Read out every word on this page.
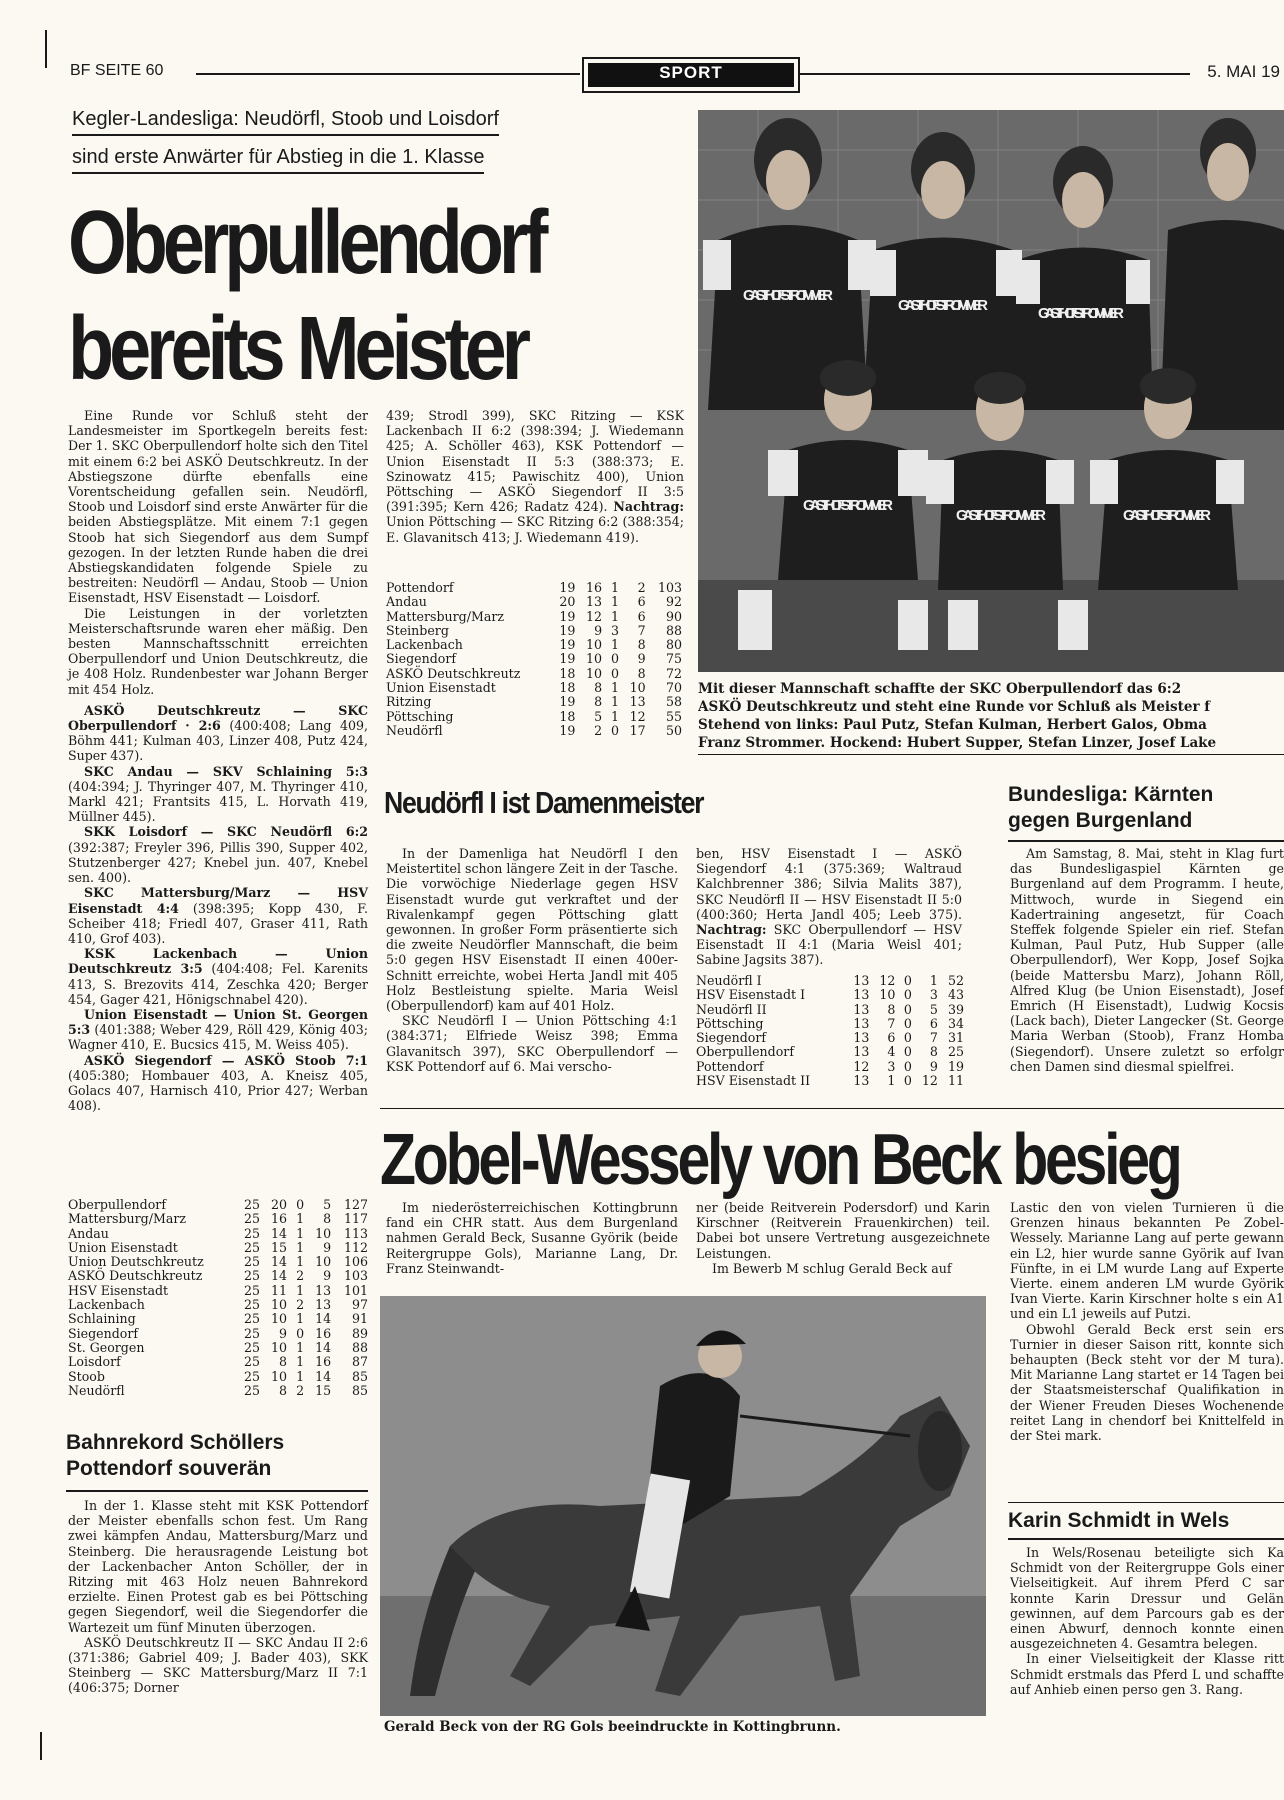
BF SEITE 60	SPORT	5. MAI 19
Kegler-Landesliga: Neudörfl, Stoob und Loisdorf
sind erste Anwärter für Abstieg in die 1. Klasse
Oberpullendorf
bereits Meister

Eine Runde vor Schluß steht der Landesmeister im Sportkegeln bereits fest: Der 1. SKC Oberpullendorf holte sich den Titel mit einem 6:2 bei ASKÖ Deutschkreutz. In der Abstiegszone dürfte ebenfalls eine Vorentscheidung gefallen sein. Neudörfl, Stoob und Loisdorf sind erste Anwärter für die beiden Abstiegsplätze. Mit einem 7:1 gegen Stoob hat sich Siegendorf aus dem Sumpf gezogen. In der letzten Runde haben die drei Abstiegskandidaten folgende Spiele zu bestreiten: Neudörfl — Andau, Stoob — Union Eisenstadt, HSV Eisenstadt — Loisdorf.

Die Leistungen in der vorletzten Meisterschaftsrunde waren eher mäßig. Den besten Mannschaftsschnitt erreichten Oberpullendorf und Union Deutschkreutz, die je 408 Holz. Rundenbester war Johann Berger mit 454 Holz.

ASKÖ Deutschkreutz — SKC Oberpullendorf · 2:6 (400:408; Lang 409, Böhm 441; Kulman 403, Linzer 408, Putz 424, Super 437).

SKC Andau — SKV Schlaining 5:3 (404:394; J. Thyringer 407, M. Thyringer 410, Markl 421; Frantsits 415, L. Horvath 419, Müllner 445).

SKK Loisdorf — SKC Neudörfl 6:2 (392:387; Freyler 396, Pillis 390, Supper 402, Stutzenberger 427; Knebel jun. 407, Knebel sen. 400).

SKC Mattersburg/Marz — HSV Eisenstadt 4:4 (398:395; Kopp 430, F. Scheiber 418; Friedl 407, Graser 411, Rath 410, Grof 403).

KSK Lackenbach — Union Deutschkreutz 3:5 (404:408; Fel. Karenits 413, S. Brezovits 414, Zeschka 420; Berger 454, Gager 421, Hönigschnabel 420).

Union Eisenstadt — Union St. Georgen 5:3 (401:388; Weber 429, Röll 429, König 403; Wagner 410, E. Bucsics 415, M. Weiss 405).

ASKÖ Siegendorf — ASKÖ Stoob 7:1 (405:380; Hombauer 403, A. Kneisz 405, Golacs 407, Harnisch 410, Prior 427; Werban 408).

Oberpullendorf	25	20	0	5	127
Mattersburg/Marz	25	16	1	8	117
Andau	25	14	1	10	113
Union Eisenstadt	25	15	1	9	112
Union Deutschkreutz	25	14	1	10	106
ASKÖ Deutschkreutz	25	14	2	9	103
HSV Eisenstadt	25	11	1	13	101
Lackenbach	25	10	2	13	97
Schlaining	25	10	1	14	91
Siegendorf	25	9	0	16	89
St. Georgen	25	10	1	14	88
Loisdorf	25	8	1	16	87
Stoob	25	10	1	14	85
Neudörfl	25	8	2	15	85
Bahnrekord Schöllers
Pottendorf souverän

In der 1. Klasse steht mit KSK Pottendorf der Meister ebenfalls schon fest. Um Rang zwei kämpfen Andau, Mattersburg/Marz und Steinberg. Die herausragende Leistung bot der Lackenbacher Anton Schöller, der in Ritzing mit 463 Holz neuen Bahnrekord erzielte. Einen Protest gab es bei Pöttsching gegen Siegendorf, weil die Siegendorfer die Wartezeit um fünf Minuten überzogen.

ASKÖ Deutschkreutz II — SKC Andau II 2:6 (371:386; Gabriel 409; J. Bader 403), SKK Steinberg — SKC Mattersburg/Marz II 7:1 (406:375; Dorner

439; Strodl 399), SKC Ritzing — KSK Lackenbach II 6:2 (398:394; J. Wiedemann 425; A. Schöller 463), KSK Pottendorf — Union Eisenstadt II 5:3 (388:373; E. Szinowatz 415; Pawischitz 400), Union Pöttsching — ASKÖ Siegendorf II 3:5 (391:395; Kern 426; Radatz 424). Nachtrag: Union Pöttsching — SKC Ritzing 6:2 (388:354; E. Glavanitsch 413; J. Wiedemann 419).

Pottendorf	19	16	1	2	103
Andau	20	13	1	6	92
Mattersburg/Marz	19	12	1	6	90
Steinberg	19	9	3	7	88
Lackenbach	19	10	1	8	80
Siegendorf	19	10	0	9	75
ASKÖ Deutschkreutz	18	10	0	8	72
Union Eisenstadt	18	8	1	10	70
Ritzing	19	8	1	13	58
Pöttsching	18	5	1	12	55
Neudörfl	19	2	0	17	50
GASTHOF STROMMER
GASTHOF STROMMER	GASTHOF STROMMER
GASTHOF STROMMER
GASTHOF STROMMER	GASTHOF STROMMER
Mit dieser Mannschaft schaffte der SKC Oberpullendorf das 6:2
ASKÖ Deutschkreutz und steht eine Runde vor Schluß als Meister f
Stehend von links: Paul Putz, Stefan Kulman, Herbert Galos, Obma
Franz Strommer. Hockend: Hubert Supper, Stefan Linzer, Josef Lake
Neudörfl I ist Damenmeister

In der Damenliga hat Neudörfl I den Meistertitel schon längere Zeit in der Tasche. Die vorwöchige Niederlage gegen HSV Eisenstadt wurde gut verkraftet und der Rivalenkampf gegen Pöttsching glatt gewonnen. In großer Form präsentierte sich die zweite Neudörfler Mannschaft, die beim 5:0 gegen HSV Eisenstadt II einen 400er-Schnitt erreichte, wobei Herta Jandl mit 405 Holz Bestleistung spielte. Maria Weisl (Oberpullendorf) kam auf 401 Holz.

SKC Neudörfl I — Union Pöttsching 4:1 (384:371; Elfriede Weisz 398; Emma Glavanitsch 397), SKC Oberpullendorf — KSK Pottendorf auf 6. Mai verscho-

ben, HSV Eisenstadt I — ASKÖ Siegendorf 4:1 (375:369; Waltraud Kalchbrenner 386; Silvia Malits 387), SKC Neudörfl II — HSV Eisenstadt II 5:0 (400:360; Herta Jandl 405; Leeb 375). Nachtrag: SKC Oberpullendorf — HSV Eisenstadt II 4:1 (Maria Weisl 401; Sabine Jagsits 387).

Neudörfl I	13	12	0	1	52
HSV Eisenstadt I	13	10	0	3	43
Neudörfl II	13	8	0	5	39
Pöttsching	13	7	0	6	34
Siegendorf	13	6	0	7	31
Oberpullendorf	13	4	0	8	25
Pottendorf	12	3	0	9	19
HSV Eisenstadt II	13	1	0	12	11
Bundesliga: Kärnten
gegen Burgenland

Am Samstag, 8. Mai, steht in Klag furt das Bundesligaspiel Kärnten ge Burgenland auf dem Programm. I heute, Mittwoch, wurde in Siegend ein Kadertraining angesetzt, für Coach Steffek folgende Spieler ein rief. Stefan Kulman, Paul Putz, Hub Supper (alle Oberpullendorf), Wer Kopp, Josef Sojka (beide Mattersbu Marz), Johann Röll, Alfred Klug (be Union Eisenstadt), Josef Emrich (H Eisenstadt), Ludwig Kocsis (Lack bach), Dieter Langecker (St. George Maria Werban (Stoob), Franz Homba (Siegendorf). Unsere zuletzt so erfolgr chen Damen sind diesmal spielfrei.

Zobel-Wessely von Beck besieg

Im niederösterreichischen Kottingbrunn fand ein CHR statt. Aus dem Burgenland nahmen Gerald Beck, Susanne Györik (beide Reitergruppe Gols), Marianne Lang, Dr. Franz Steinwandt-

ner (beide Reitverein Podersdorf) und Karin Kirschner (Reitverein Frauenkirchen) teil. Dabei bot unsere Vertretung ausgezeichnete Leistungen.

Im Bewerb M schlug Gerald Beck auf

Gerald Beck von der RG Gols beeindruckte in Kottingbrunn.

Lastic den von vielen Turnieren ü die Grenzen hinaus bekannten Pe Zobel-Wessely. Marianne Lang auf perte gewann ein L2, hier wurde sanne Györik auf Ivan Fünfte, in ei LM wurde Lang auf Experte Vierte. einem anderen LM wurde Györik Ivan Vierte. Karin Kirschner holte s ein A1 und ein L1 jeweils auf Putzi.

Obwohl Gerald Beck erst sein ers Turnier in dieser Saison ritt, konnte sich behaupten (Beck steht vor der M tura). Mit Marianne Lang startet er 14 Tagen bei der Staatsmeisterschaf Qualifikation in der Wiener Freuden Dieses Wochenende reitet Lang in chendorf bei Knittelfeld in der Stei mark.

Karin Schmidt in Wels

In Wels/Rosenau beteiligte sich Ka Schmidt von der Reitergruppe Gols einer Vielseitigkeit. Auf ihrem Pferd C sar konnte Karin Dressur und Gelän gewinnen, auf dem Parcours gab es der einen Abwurf, dennoch konnte einen ausgezeichneten 4. Gesamtra belegen.

In einer Vielseitigkeit der Klasse ritt Schmidt erstmals das Pferd L und schaffte auf Anhieb einen perso gen 3. Rang.
